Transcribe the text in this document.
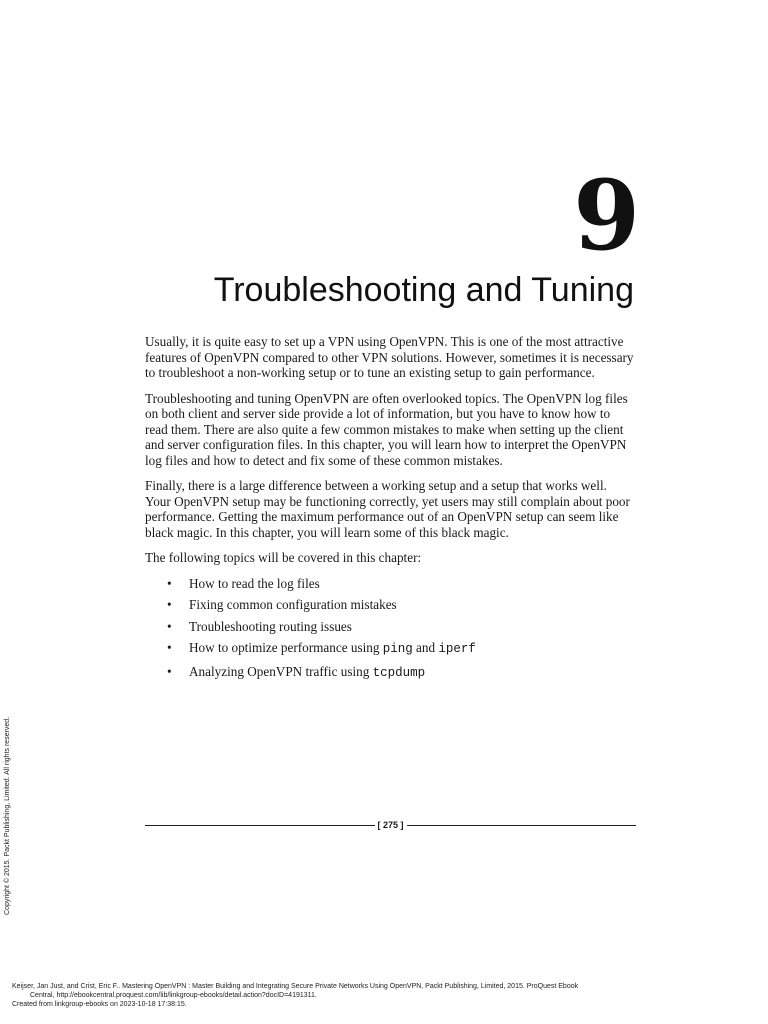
9
Troubleshooting and Tuning

Usually, it is quite easy to set up a VPN using OpenVPN. This is one of the most attractive features of OpenVPN compared to other VPN solutions. However, sometimes it is necessary to troubleshoot a non-working setup or to tune an existing setup to gain performance.

Troubleshooting and tuning OpenVPN are often overlooked topics. The OpenVPN log files on both client and server side provide a lot of information, but you have to know how to read them. There are also quite a few common mistakes to make when setting up the client and server configuration files. In this chapter, you will learn how to interpret the OpenVPN log files and how to detect and fix some of these common mistakes.

Finally, there is a large difference between a working setup and a setup that works well. Your OpenVPN setup may be functioning correctly, yet users may still complain about poor performance. Getting the maximum performance out of an OpenVPN setup can seem like black magic. In this chapter, you will learn some of this black magic.

The following topics will be covered in this chapter:

• How to read the log files
• Fixing common configuration mistakes
• Troubleshooting routing issues
• How to optimize performance using ping and iperf
• Analyzing OpenVPN traffic using tcpdump
[ 275 ]
Copyright © 2015. Packt Publishing, Limited. All rights reserved.
Keijser, Jan Just, and Crist, Eric F.. Mastering OpenVPN : Master Building and Integrating Secure Private Networks Using OpenVPN, Packt Publishing, Limited, 2015. ProQuest Ebook
Central, http://ebookcentral.proquest.com/lib/linkgroup-ebooks/detail.action?docID=4191311.
Created from linkgroup-ebooks on 2023-10-18 17:38:15.
